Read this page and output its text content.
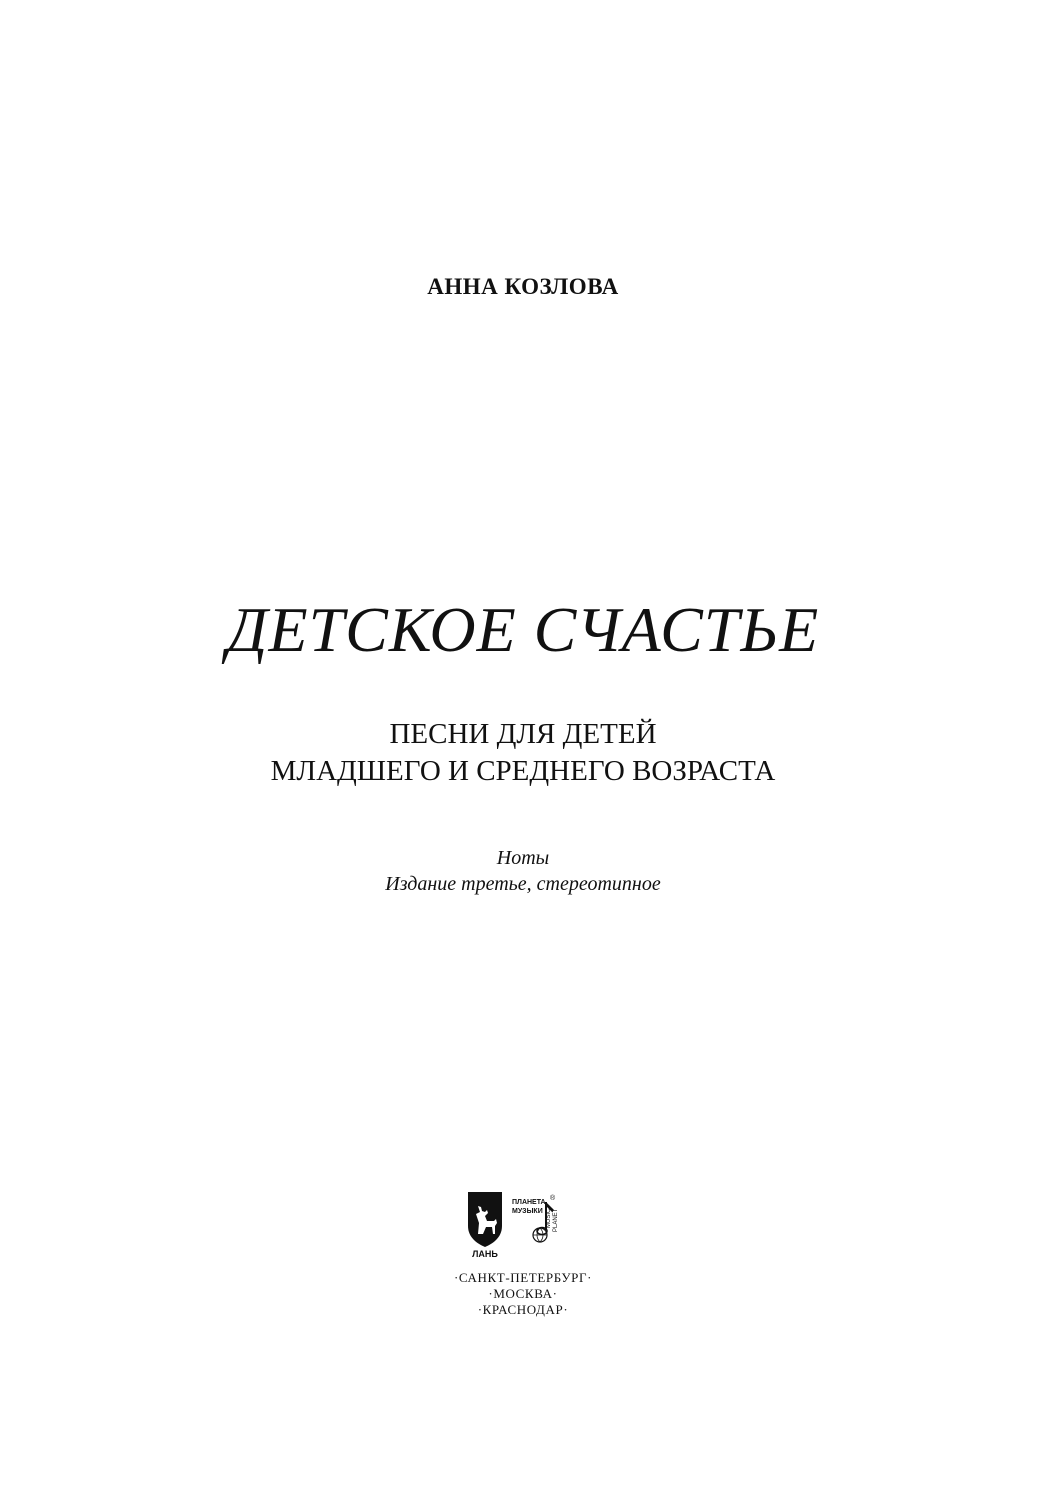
АННА КОЗЛОВА
ДЕТСКОЕ СЧАСТЬЕ
ПЕСНИ ДЛЯ ДЕТЕЙ
МЛАДШЕГО И СРЕДНЕГО ВОЗРАСТА
Ноты
Издание третье, стереотипное
ЛАНЬ
ПЛАНЕТА
МУЗЫКИ
®
MUSIC PLANET
·САНКТ-ПЕТЕРБУРГ·
·МОСКВА·
·КРАСНОДАР·
